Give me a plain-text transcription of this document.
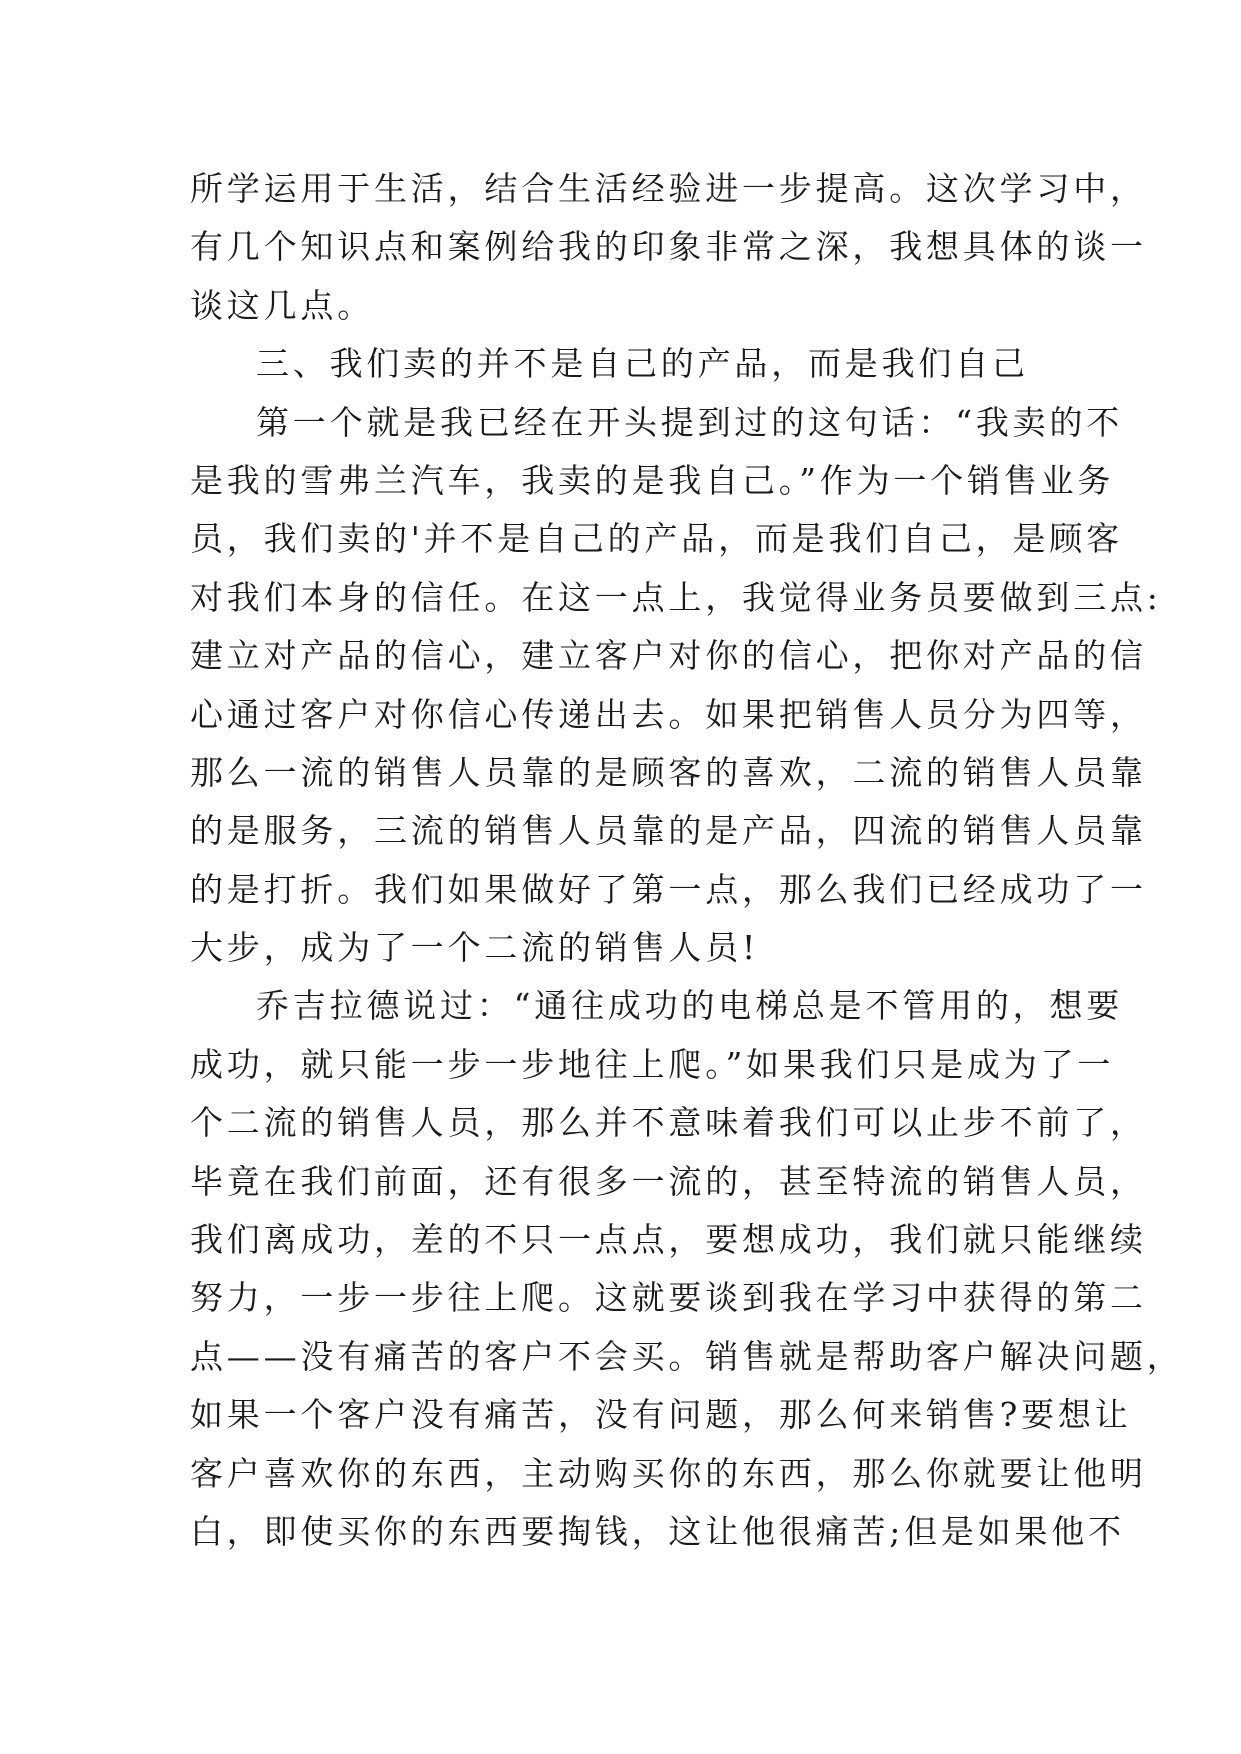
所学运用于生活，结合生活经验进一步提高。这次学习中，
有几个知识点和案例给我的印象非常之深，我想具体的谈一
谈这几点。
三、我们卖的并不是自己的产品，而是我们自己
第一个就是我已经在开头提到过的这句话：“我卖的不
是我的雪弗兰汽车，我卖的是我自己。”作为一个销售业务
员，我们卖的'并不是自己的产品，而是我们自己，是顾客
对我们本身的信任。在这一点上，我觉得业务员要做到三点:
建立对产品的信心，建立客户对你的信心，把你对产品的信
心通过客户对你信心传递出去。如果把销售人员分为四等，
那么一流的销售人员靠的是顾客的喜欢，二流的销售人员靠
的是服务，三流的销售人员靠的是产品，四流的销售人员靠
的是打折。我们如果做好了第一点，那么我们已经成功了一
大步，成为了一个二流的销售人员!
乔吉拉德说过：“通往成功的电梯总是不管用的，想要
成功，就只能一步一步地往上爬。”如果我们只是成为了一
个二流的销售人员，那么并不意味着我们可以止步不前了，
毕竟在我们前面，还有很多一流的，甚至特流的销售人员，
我们离成功，差的不只一点点，要想成功，我们就只能继续
努力，一步一步往上爬。这就要谈到我在学习中获得的第二
点——没有痛苦的客户不会买。销售就是帮助客户解决问题，
如果一个客户没有痛苦，没有问题，那么何来销售?要想让
客户喜欢你的东西，主动购买你的东西，那么你就要让他明
白，即使买你的东西要掏钱，这让他很痛苦;但是如果他不
